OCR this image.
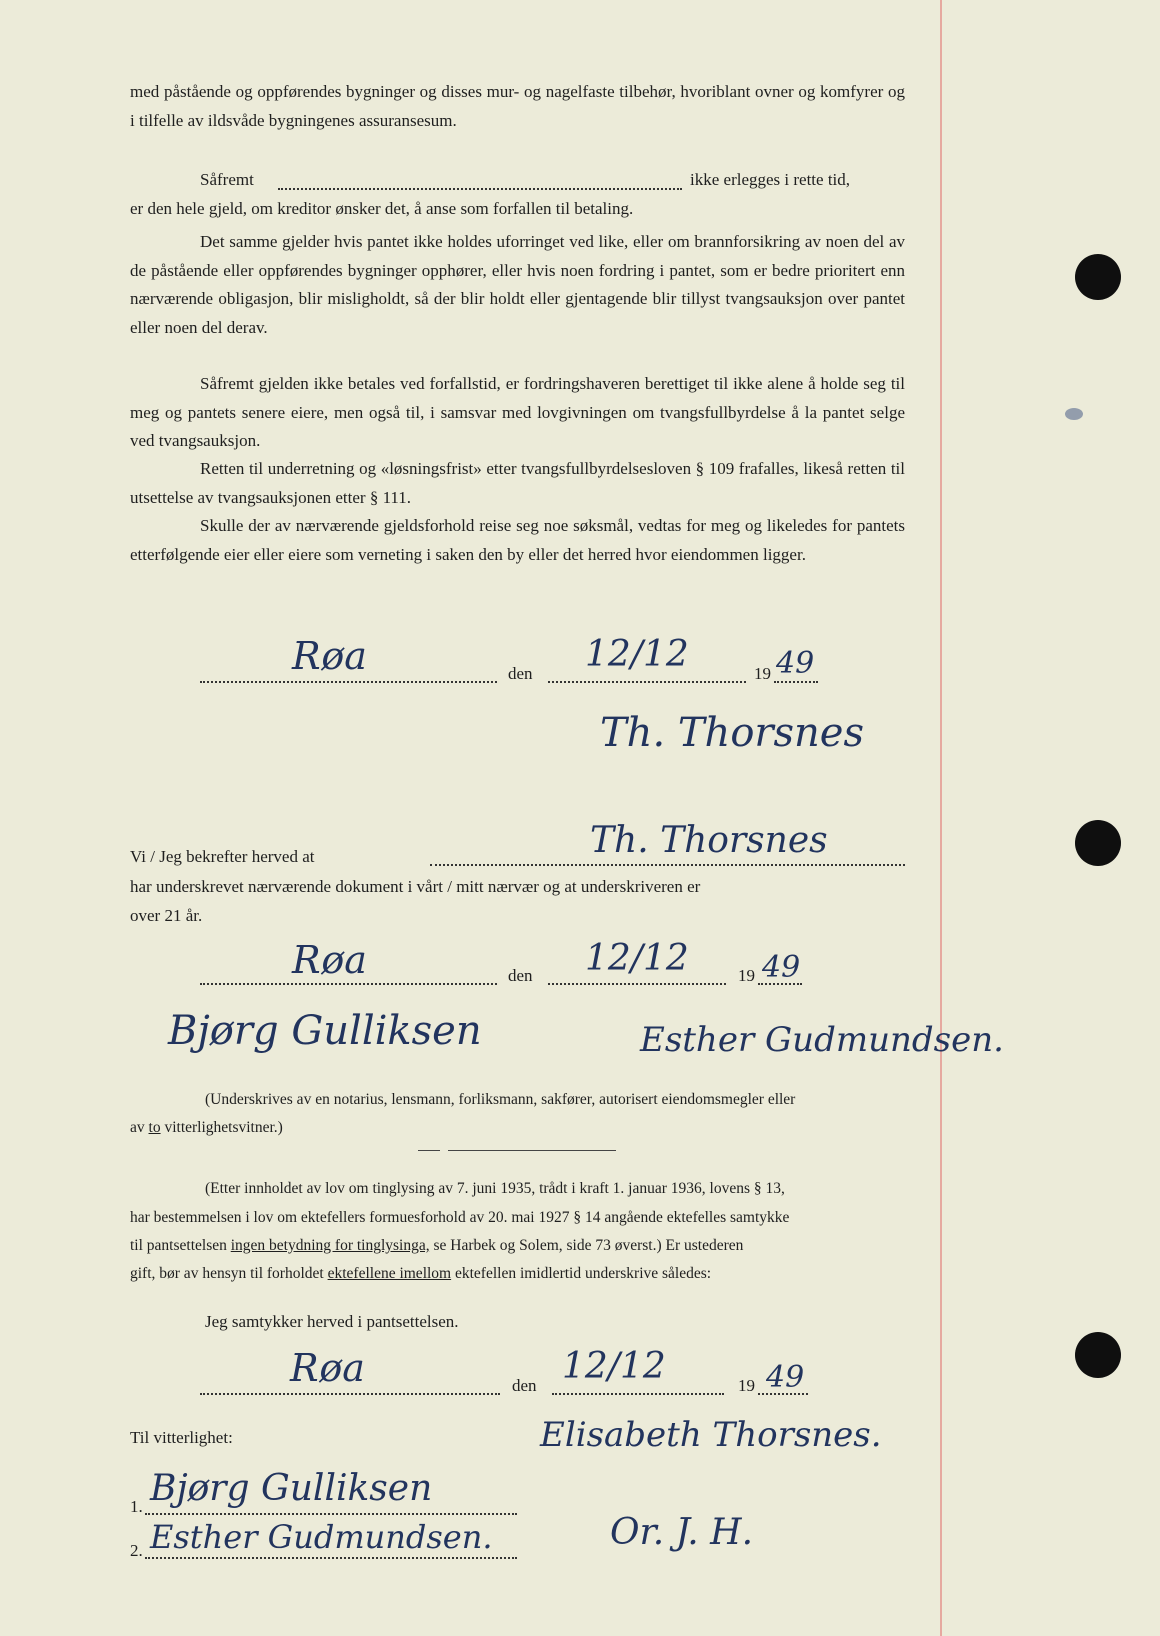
med påstående og oppførendes bygninger og disses mur- og nagelfaste tilbehør, hvoriblant ovner og komfyrer og i tilfelle av ildsvåde bygningenes assuransesum.

Såfremt	ikke erlegges i rette tid,
er den hele gjeld, om kreditor ønsker det, å anse som forfallen til betaling.

Det samme gjelder hvis pantet ikke holdes uforringet ved like, eller om brannforsikring av noen del av de påstående eller oppførendes bygninger opphører, eller hvis noen fordring i pantet, som er bedre prioritert enn nærværende obligasjon, blir misligholdt, så der blir holdt eller gjentagende blir tillyst tvangsauksjon over pantet eller noen del derav.

Såfremt gjelden ikke betales ved forfallstid, er fordringshaveren berettiget til ikke alene å holde seg til meg og pantets senere eiere, men også til, i samsvar med lovgivningen om tvangsfullbyrdelse å la pantet selge ved tvangsauksjon.

Retten til underretning og «løsningsfrist» etter tvangsfullbyrdelsesloven § 109 frafalles, likeså retten til utsettelse av tvangsauksjonen etter § 111.

Skulle der av nærværende gjeldsforhold reise seg noe søksmål, vedtas for meg og likeledes for pantets etterfølgende eier eller eiere som verneting i saken den by eller det herred hvor eiendommen ligger.

Røa	den 12/12	19 49
Th. Thorsnes
Vi / Jeg bekrefter herved at	Th. Thorsnes
har underskrevet nærværende dokument i vårt / mitt nærvær og at underskriveren er
over 21 år.
Røa	den 12/12	19 49
Bjørg Gulliksen	Esther Gudmundsen.
(Underskrives av en notarius, lensmann, forliksmann, sakfører, autorisert eiendomsmegler eller
av to vitterlighetsvitner.)
(Etter innholdet av lov om tinglysing av 7. juni 1935, trådt i kraft 1. januar 1936, lovens § 13,
har bestemmelsen i lov om ektefellers formuesforhold av 20. mai 1927 § 14 angående ektefelles samtykke
til pantsettelsen ingen betydning for tinglysinga, se Harbek og Solem, side 73 øverst.) Er ustederen
gift, bør av hensyn til forholdet ektefellene imellom ektefellen imidlertid underskrive således:
Jeg samtykker herved i pantsettelsen.
Røa	den 12/12	19 49
Til vitterlighet:	Elisabeth Thorsnes.
1. Bjørg Gulliksen
2. Esther Gudmundsen.	Or. J. H.
